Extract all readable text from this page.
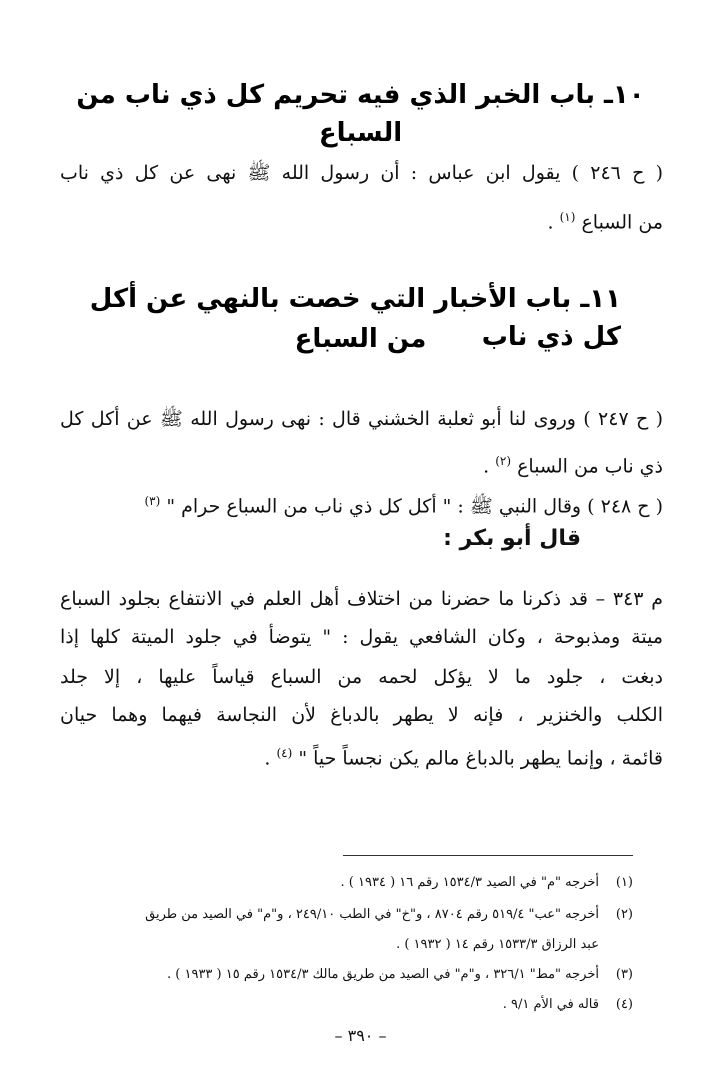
١٠ـ باب الخبر الذي فيه تحريم كل ذي ناب من السباع
( ح ٢٤٦ ) يقول ابن عباس : أن رسول الله ﷺ نهى عن كل ذي ناب
من السباع $^{(١)}$ .
١١ـ باب الأخبار التي خصت بالنهي عن أكل كل ذي ناب
من السباع
( ح ٢٤٧ ) وروى لنا أبو ثعلبة الخشني قال : نهى رسول الله ﷺ عن أكل كل
ذي ناب من السباع $^{(٢)}$ .
( ح ٢٤٨ ) وقال النبي ﷺ : " أكل كل ذي ناب من السباع حرام " $^{(٣)}$
قال أبو بكر :
م ٣٤٣ – قد ذكرنا ما حضرنا من اختلاف أهل العلم في الانتفاع بجلود السباع
ميتة ومذبوحة ، وكان الشافعي يقول : " يتوضأ في جلود الميتة كلها إذا
دبغت ، جلود ما لا يؤكل لحمه من السباع قياساً عليها ، إلا جلد
الكلب والخنزير ، فإنه لا يطهر بالدباغ لأن النجاسة فيهما وهما حيان
قائمة ، وإنما يطهر بالدباغ مالم يكن نجساً حياً " $^{(٤)}$ .
(١)أخرجه "م" في الصيد ١٥٣٤/٣ رقم ١٦ ( ١٩٣٤ ) .
(٢)أخرجه "عب" ٥١٩/٤ رقم ٨٧٠٤ ، و"خ" في الطب ٢٤٩/١٠ ، و"م" في الصيد من طريق
عبد الرزاق ١٥٣٣/٣ رقم ١٤ ( ١٩٣٢ ) .
(٣)أخرجه "مط" ٣٢٦/١ ، و"م" في الصيد من طريق مالك ١٥٣٤/٣ رقم ١٥ ( ١٩٣٣ ) .
(٤)قاله في الأم ٩/١ .
– ٣٩٠ –
